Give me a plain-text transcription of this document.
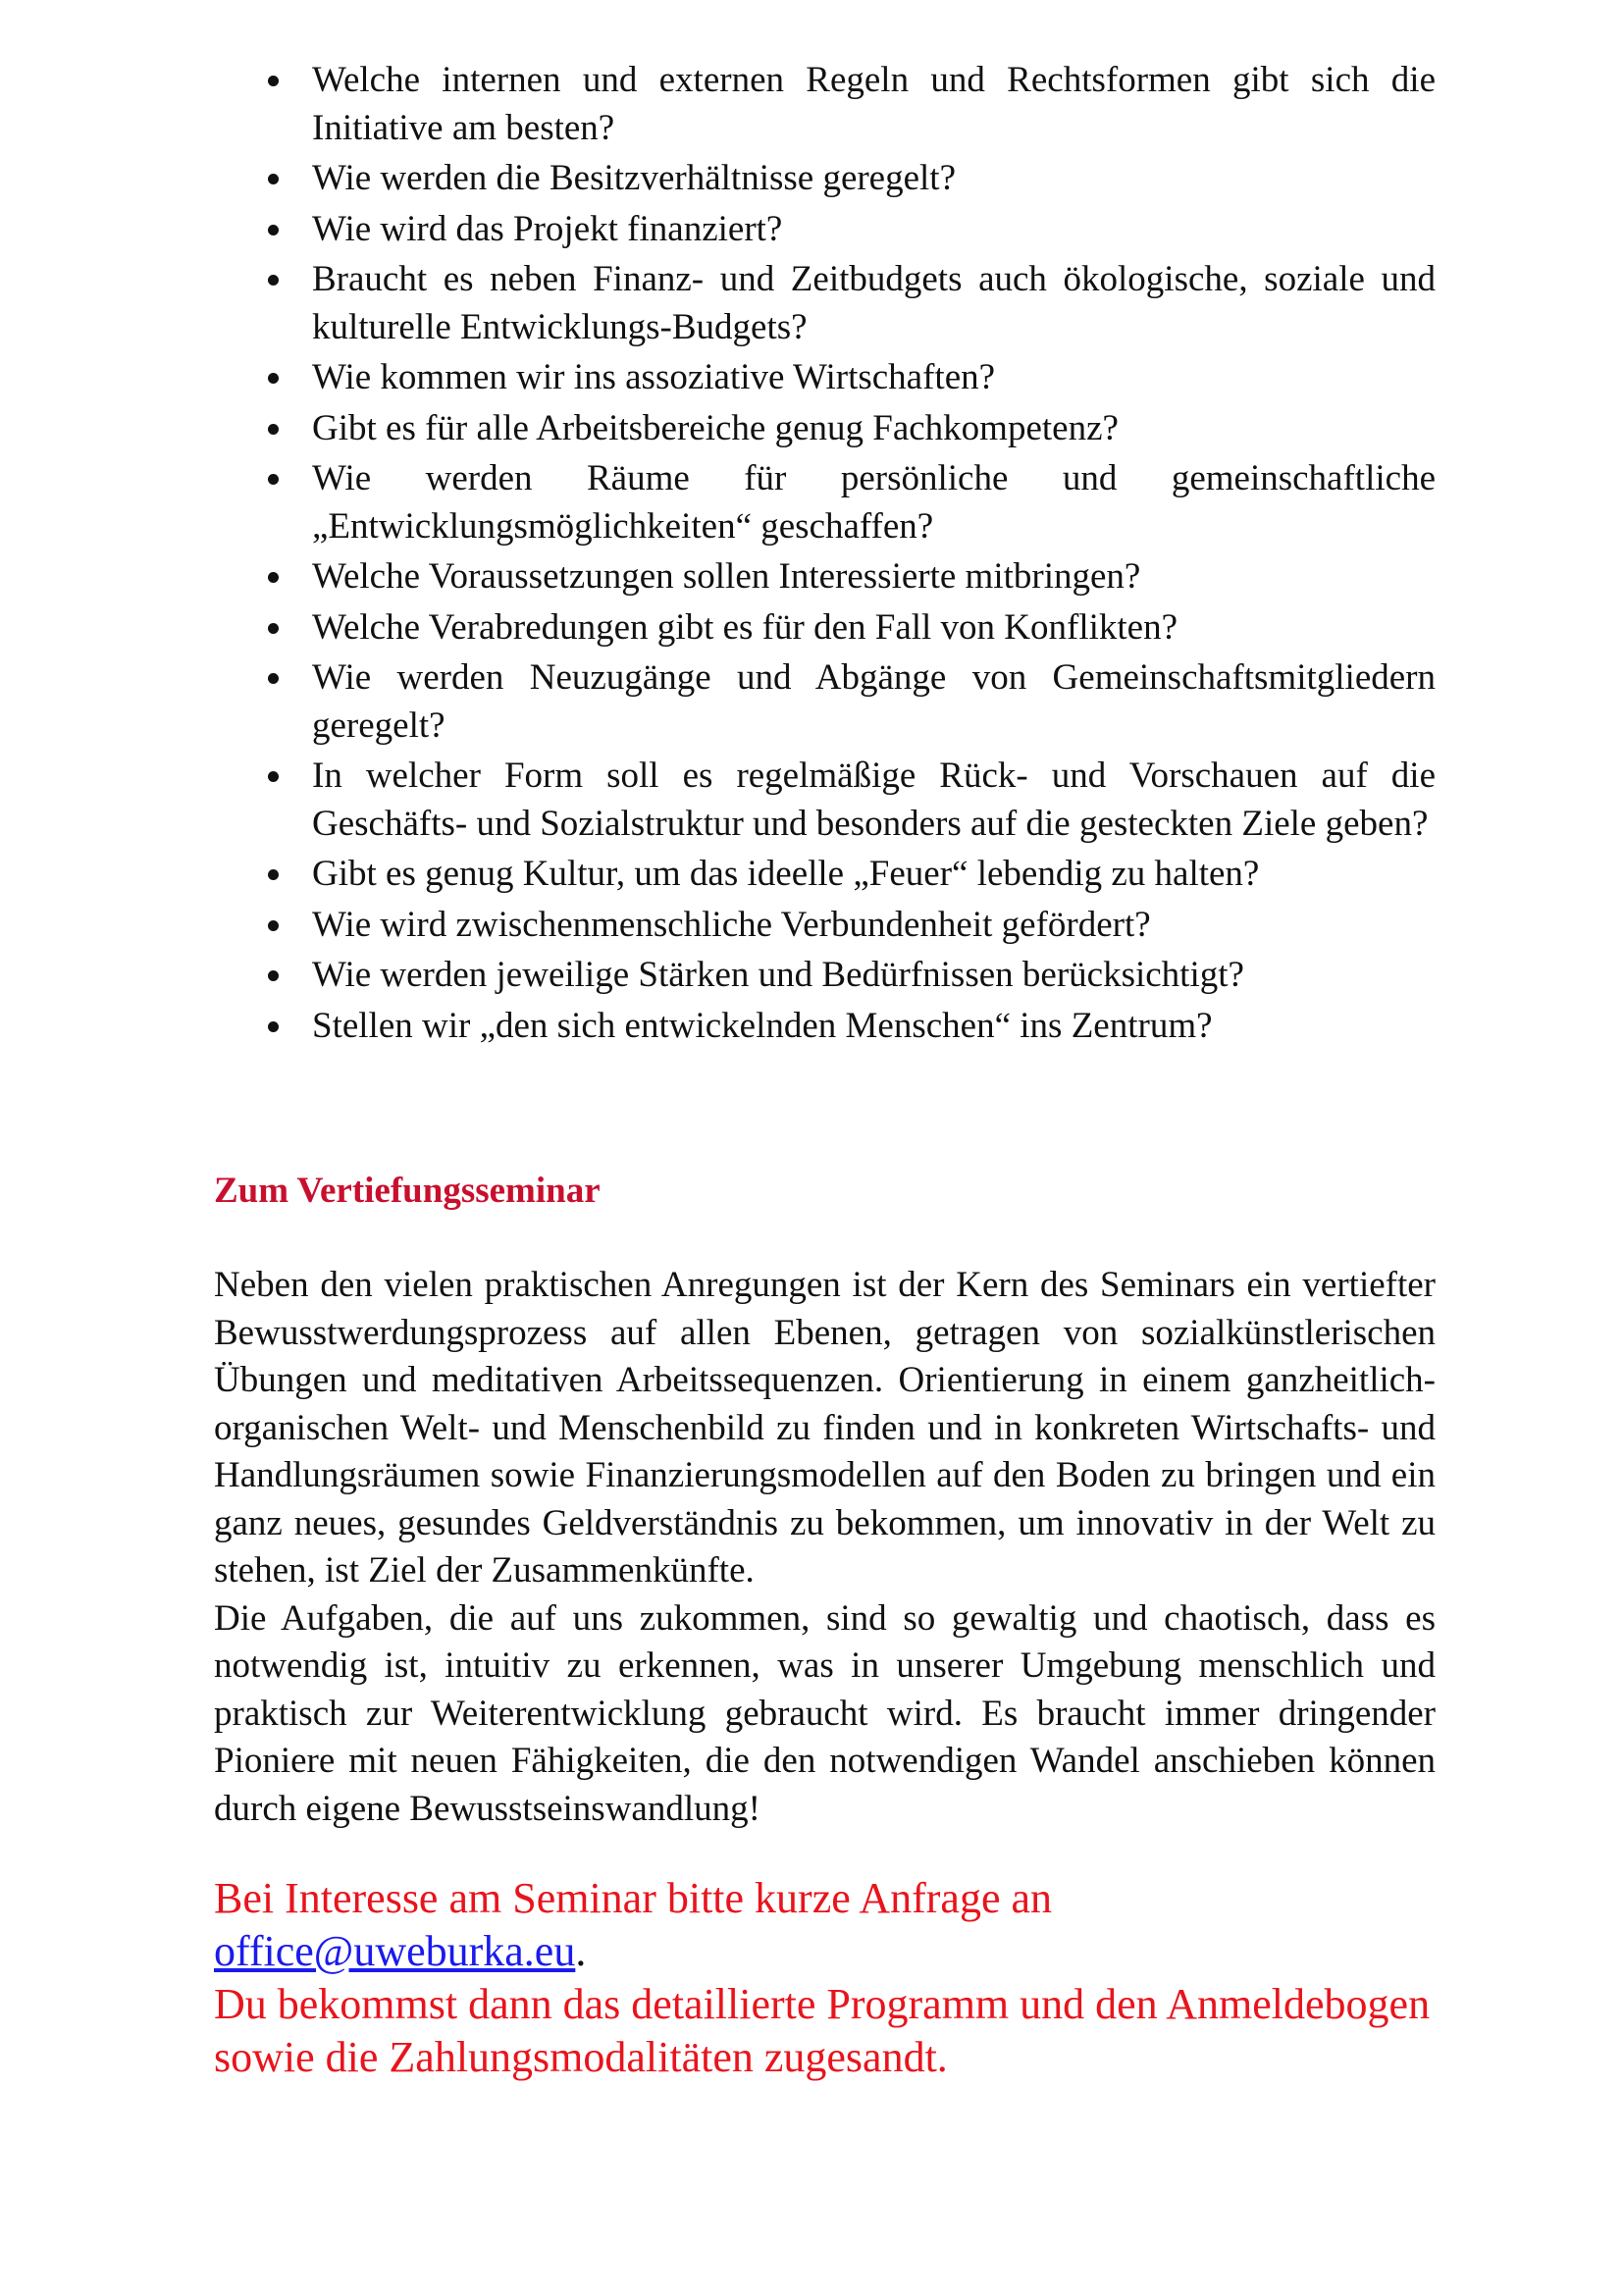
Welche internen und externen Regeln und Rechtsformen gibt sich die Initiative am besten?
Wie werden die Besitzverhältnisse geregelt?
Wie wird das Projekt finanziert?
Braucht es neben Finanz- und Zeitbudgets auch ökologische, soziale und kulturelle Entwicklungs-Budgets?
Wie kommen wir ins assoziative Wirtschaften?
Gibt es für alle Arbeitsbereiche genug Fachkompetenz?
Wie werden Räume für persönliche und gemeinschaftliche „Entwicklungsmöglichkeiten“ geschaffen?
Welche Voraussetzungen sollen Interessierte mitbringen?
Welche Verabredungen gibt es für den Fall von Konflikten?
Wie werden Neuzugänge und Abgänge von Gemeinschaftsmitgliedern geregelt?
In welcher Form soll es regelmäßige Rück- und Vorschauen auf die Geschäfts- und Sozialstruktur und besonders auf die gesteckten Ziele geben?
Gibt es genug Kultur, um das ideelle „Feuer“ lebendig zu halten?
Wie wird zwischenmenschliche Verbundenheit gefördert?
Wie werden jeweilige Stärken und Bedürfnissen berücksichtigt?
Stellen wir „den sich entwickelnden Menschen“ ins Zentrum?
Zum Vertiefungsseminar

Neben den vielen praktischen Anregungen ist der Kern des Seminars ein vertiefter Bewusstwerdungsprozess auf allen Ebenen, getragen von sozialkünstlerischen Übungen und meditativen Arbeitssequenzen. Orientierung in einem ganzheitlich-organischen Welt- und Menschenbild zu finden und in konkreten Wirtschafts- und Handlungsräumen sowie Finanzierungsmodellen auf den Boden zu bringen und ein ganz neues, gesundes Geldverständnis zu bekommen, um innovativ in der Welt zu stehen, ist Ziel der Zusammenkünfte.

Die Aufgaben, die auf uns zukommen, sind so gewaltig und chaotisch, dass es notwendig ist, intuitiv zu erkennen, was in unserer Umgebung menschlich und praktisch zur Weiterentwicklung gebraucht wird. Es braucht immer dringender Pioniere mit neuen Fähigkeiten, die den notwendigen Wandel anschieben können durch eigene Bewusstseinswandlung!

Bei Interesse am Seminar bitte kurze Anfrage an
office@uweburka.eu.

Du bekommst dann das detaillierte Programm und den Anmeldebogen sowie die Zahlungsmodalitäten zugesandt.
